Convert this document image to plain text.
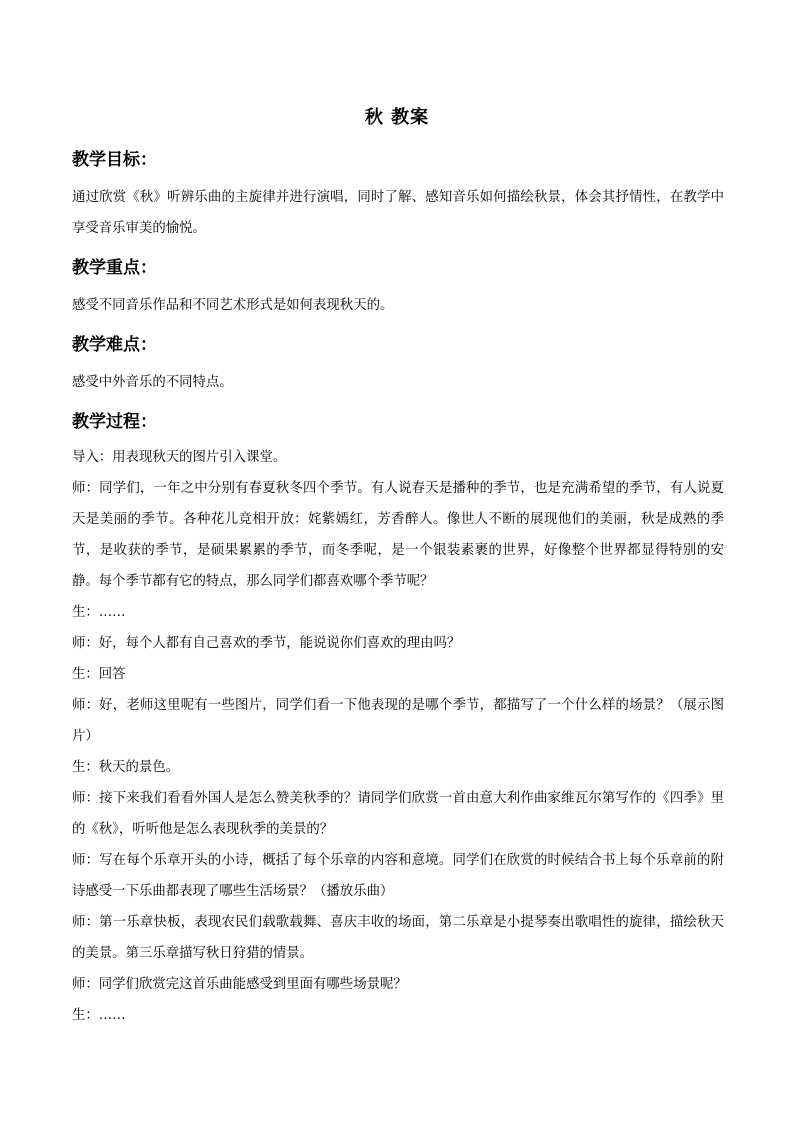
秋 教案
教学目标：

通过欣赏《秋》听辨乐曲的主旋律并进行演唱，同时了解、感知音乐如何描绘秋景，体会其抒情性，在教学中享受音乐审美的愉悦。

教学重点：

感受不同音乐作品和不同艺术形式是如何表现秋天的。

教学难点：

感受中外音乐的不同特点。

教学过程：

导入：用表现秋天的图片引入课堂。

师：同学们，一年之中分别有春夏秋冬四个季节。有人说春天是播种的季节，也是充满希望的季节，有人说夏天是美丽的季节。各种花儿竞相开放：姹紫嫣红，芳香醉人。像世人不断的展现他们的美丽，秋是成熟的季节，是收获的季节，是硕果累累的季节，而冬季呢，是一个银装素裹的世界，好像整个世界都显得特别的安静。每个季节都有它的特点，那么同学们都喜欢哪个季节呢？

生：……

师：好，每个人都有自己喜欢的季节，能说说你们喜欢的理由吗？

生：回答

师：好，老师这里呢有一些图片，同学们看一下他表现的是哪个季节，都描写了一个什么样的场景？（展示图片）

生：秋天的景色。

师：接下来我们看看外国人是怎么赞美秋季的？请同学们欣赏一首由意大利作曲家维瓦尔第写作的《四季》里的《秋》，听听他是怎么表现秋季的美景的？

师：写在每个乐章开头的小诗，概括了每个乐章的内容和意境。同学们在欣赏的时候结合书上每个乐章前的附诗感受一下乐曲都表现了哪些生活场景？（播放乐曲）

师：第一乐章快板，表现农民们载歌载舞、喜庆丰收的场面，第二乐章是小提琴奏出歌唱性的旋律，描绘秋天的美景。第三乐章描写秋日狩猎的情景。

师：同学们欣赏完这首乐曲能感受到里面有哪些场景呢？

生：……
